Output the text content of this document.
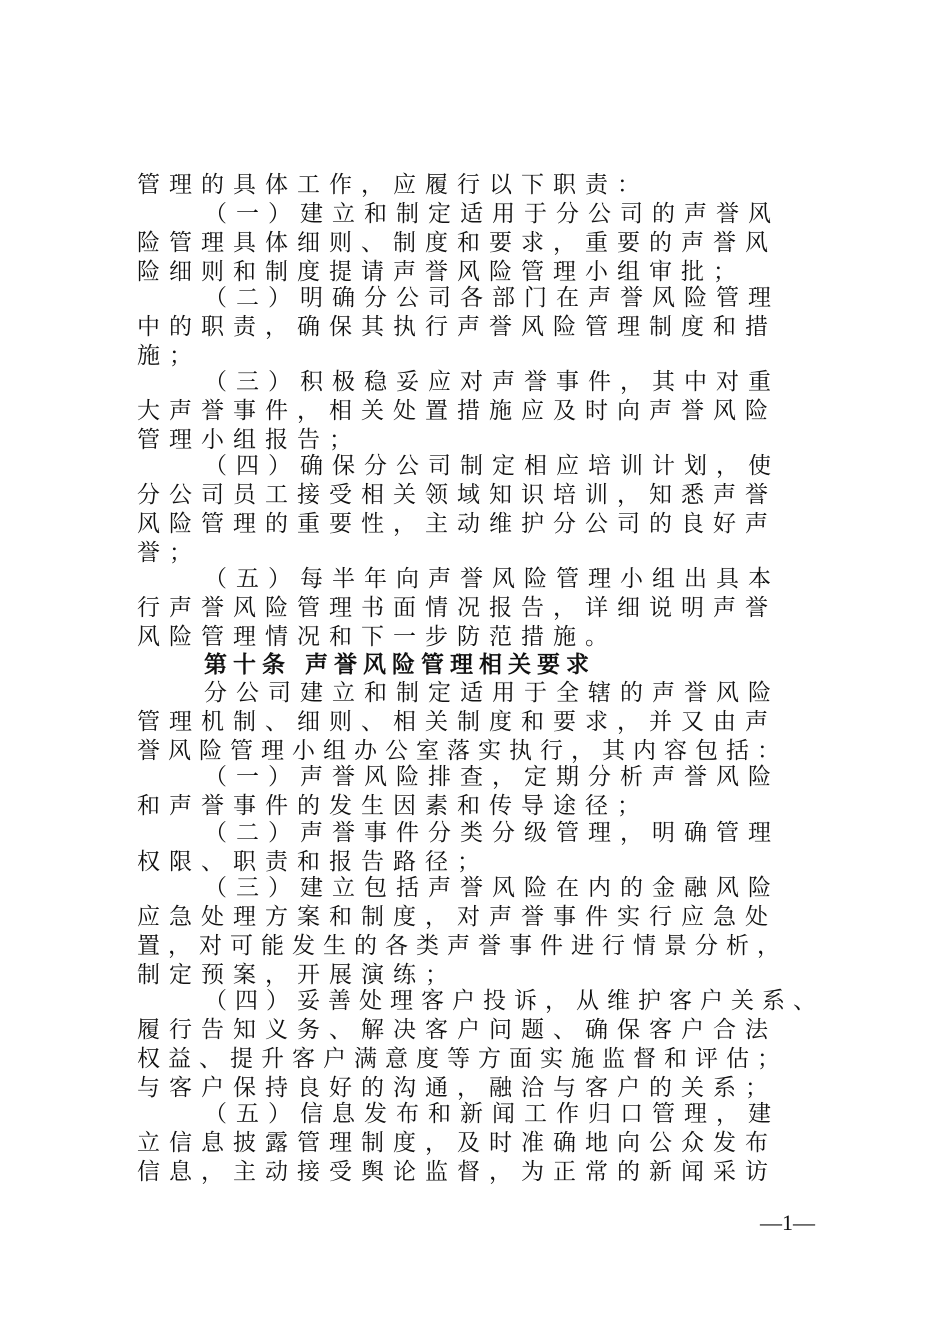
管理的具体工作，应履行以下职责：
（一）建立和制定适用于分公司的声誉风
险管理具体细则、制度和要求，重要的声誉风
险细则和制度提请声誉风险管理小组审批；
（二）明确分公司各部门在声誉风险管理
中的职责，确保其执行声誉风险管理制度和措
施；
（三）积极稳妥应对声誉事件，其中对重
大声誉事件，相关处置措施应及时向声誉风险
管理小组报告；
（四）确保分公司制定相应培训计划，使
分公司员工接受相关领域知识培训，知悉声誉
风险管理的重要性，主动维护分公司的良好声
誉；
（五）每半年向声誉风险管理小组出具本
行声誉风险管理书面情况报告，详细说明声誉
风险管理情况和下一步防范措施。
第十条 声誉风险管理相关要求
分公司建立和制定适用于全辖的声誉风险
管理机制、细则、相关制度和要求，并又由声
誉风险管理小组办公室落实执行，其内容包括：
（一）声誉风险排查，定期分析声誉风险
和声誉事件的发生因素和传导途径；
（二）声誉事件分类分级管理，明确管理
权限、职责和报告路径；
（三）建立包括声誉风险在内的金融风险
应急处理方案和制度，对声誉事件实行应急处
置，对可能发生的各类声誉事件进行情景分析，
制定预案，开展演练；
（四）妥善处理客户投诉，从维护客户关系、
履行告知义务、解决客户问题、确保客户合法
权益、提升客户满意度等方面实施监督和评估；
与客户保持良好的沟通，融洽与客户的关系；
（五）信息发布和新闻工作归口管理，建
立信息披露管理制度，及时准确地向公众发布
信息，主动接受舆论监督，为正常的新闻采访
—1—
